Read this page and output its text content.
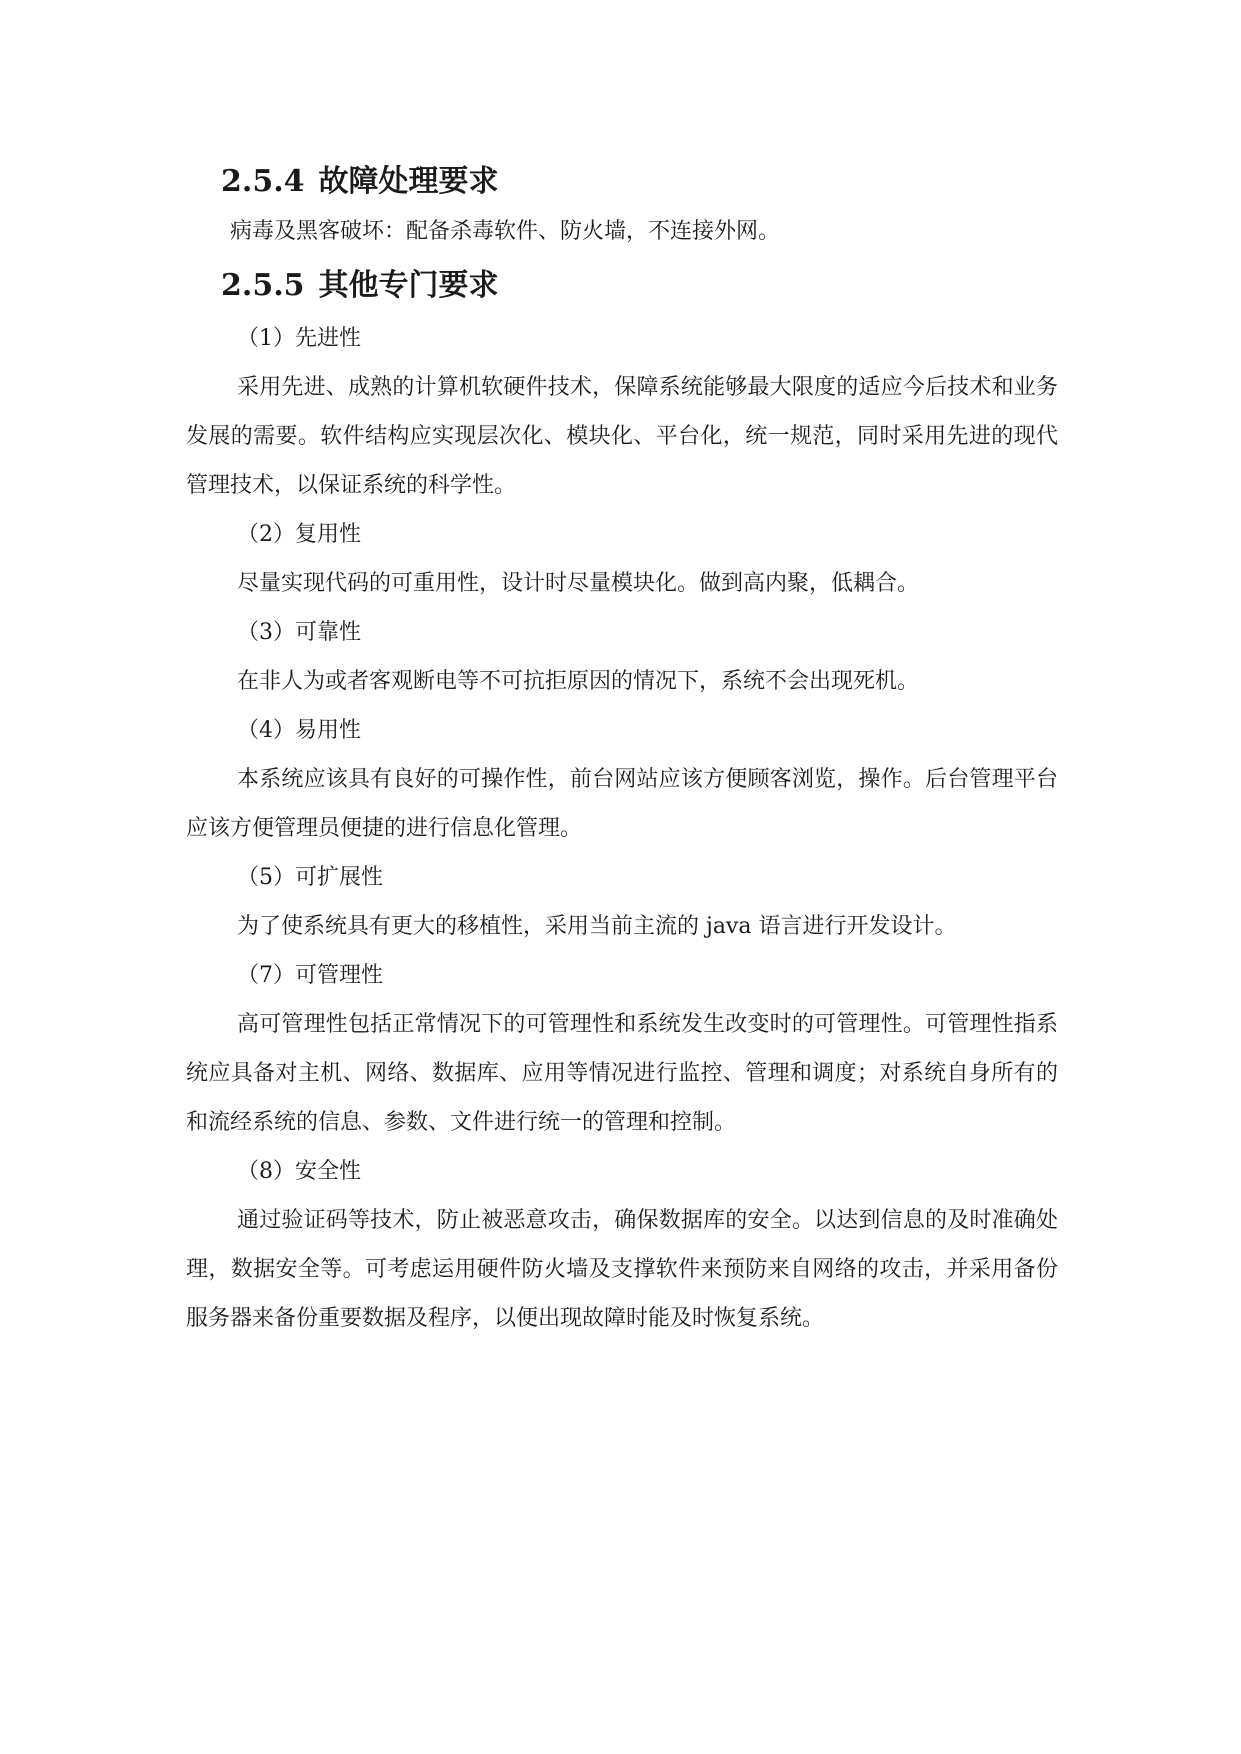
2.5.4 故障处理要求

病毒及黑客破坏：配备杀毒软件、防火墙，不连接外网。

2.5.5 其他专门要求

（1）先进性

采用先进、成熟的计算机软硬件技术，保障系统能够最大限度的适应今后技术和业务发展的需要。软件结构应实现层次化、模块化、平台化，统一规范，同时采用先进的现代管理技术，以保证系统的科学性。

（2）复用性

尽量实现代码的可重用性，设计时尽量模块化。做到高内聚，低耦合。

（3）可靠性

在非人为或者客观断电等不可抗拒原因的情况下，系统不会出现死机。

（4）易用性

本系统应该具有良好的可操作性，前台网站应该方便顾客浏览，操作。后台管理平台应该方便管理员便捷的进行信息化管理。

（5）可扩展性

为了使系统具有更大的移植性，采用当前主流的 java 语言进行开发设计。

（7）可管理性

高可管理性包括正常情况下的可管理性和系统发生改变时的可管理性。可管理性指系统应具备对主机、网络、数据库、应用等情况进行监控、管理和调度；对系统自身所有的和流经系统的信息、参数、文件进行统一的管理和控制。

（8）安全性

通过验证码等技术，防止被恶意攻击，确保数据库的安全。以达到信息的及时准确处理，数据安全等。可考虑运用硬件防火墙及支撑软件来预防来自网络的攻击，并采用备份服务器来备份重要数据及程序，以便出现故障时能及时恢复系统。
